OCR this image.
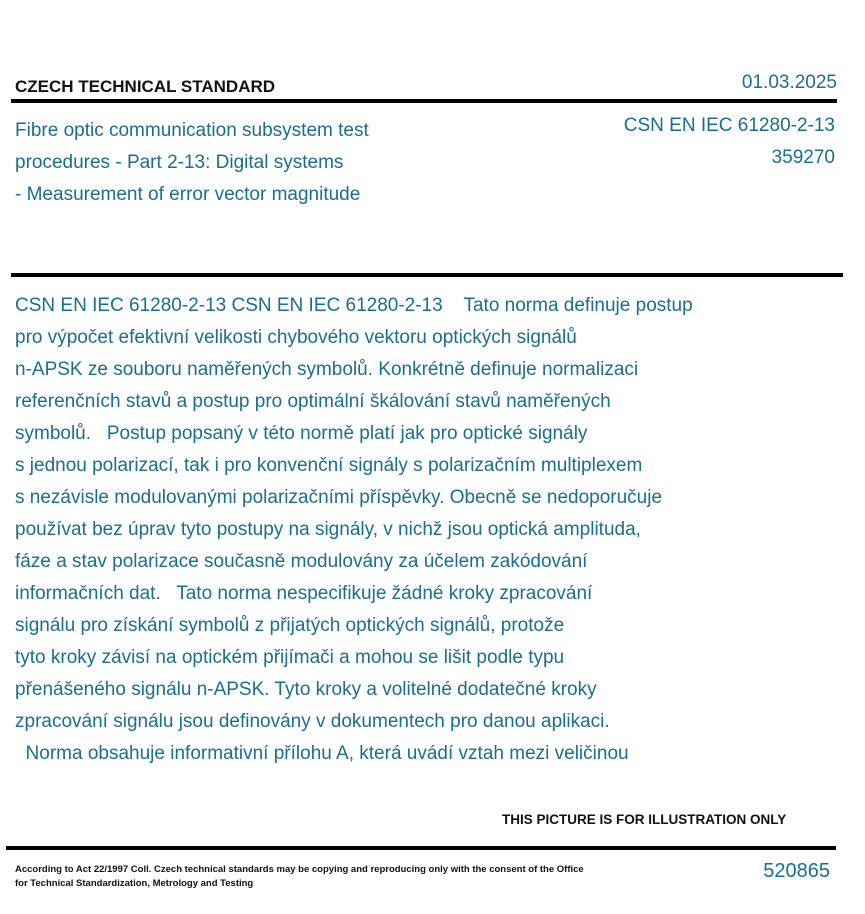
CZECH TECHNICAL STANDARD	01.03.2025
Fibre optic communication subsystem test
procedures - Part 2-13: Digital systems
- Measurement of error vector magnitude
CSN EN IEC 61280-2-13
359270
CSN EN IEC 61280-2-13 CSN EN IEC 61280-2-13    Tato norma definuje postup
pro výpočet efektivní velikosti chybového vektoru optických signálů
n-APSK ze souboru naměřených symbolů. Konkrétně definuje normalizaci
referenčních stavů a postup pro optimální škálování stavů naměřených
symbolů.   Postup popsaný v této normě platí jak pro optické signály
s jednou polarizací, tak i pro konvenční signály s polarizačním multiplexem
s nezávisle modulovanými polarizačními příspěvky. Obecně se nedoporučuje
používat bez úprav tyto postupy na signály, v nichž jsou optická amplituda,
fáze a stav polarizace současně modulovány za účelem zakódování
informačních dat.   Tato norma nespecifikuje žádné kroky zpracování
signálu pro získání symbolů z přijatých optických signálů, protože
tyto kroky závisí na optickém přijímači a mohou se lišit podle typu
přenášeného signálu n-APSK. Tyto kroky a volitelné dodatečné kroky
zpracování signálu jsou definovány v dokumentech pro danou aplikaci.
Norma obsahuje informativní přílohu A, která uvádí vztah mezi veličinou
THIS PICTURE IS FOR ILLUSTRATION ONLY
According to Act 22/1997 Coll. Czech technical standards may be copying and reproducing only with the consent of the Office
for Technical Standardization, Metrology and Testing
520865
